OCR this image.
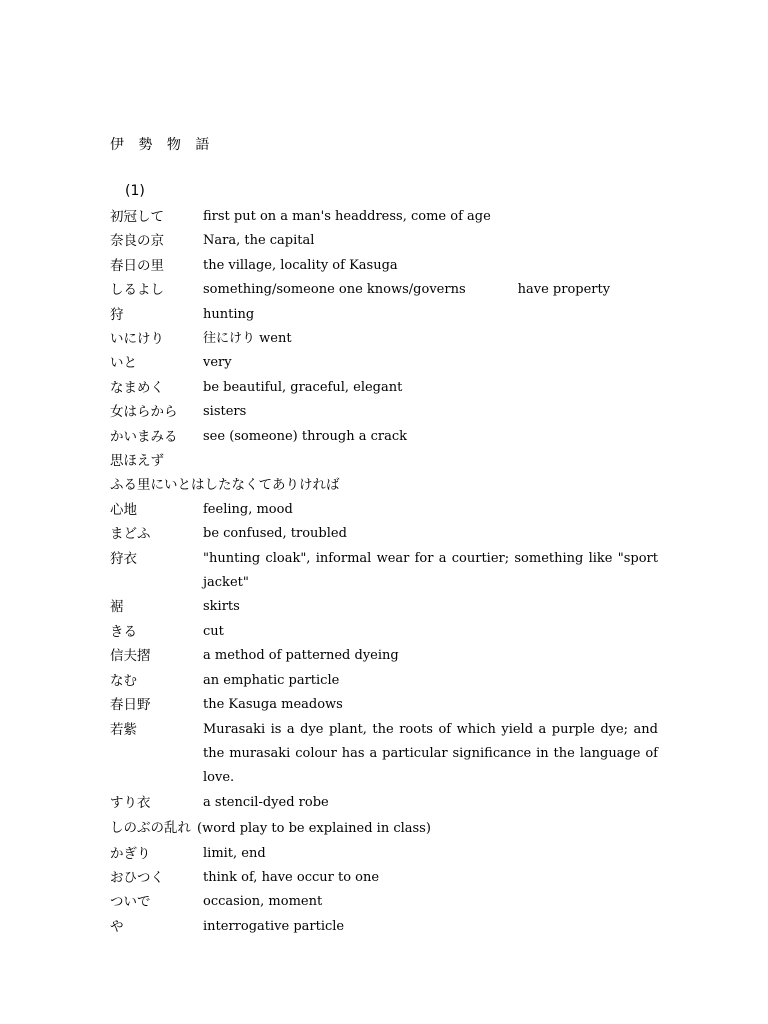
伊 勢 物 語
(1)
初冠して	first put on a man's headdress, come of age
奈良の京	Nara, the capital
春日の里	the village, locality of Kasuga
しるよし	something/someone one knows/governs	have property
狩	hunting
いにけり	往にけり went
いと	very
なまめく	be beautiful, graceful, elegant
女はらから sisters
かいまみる see (someone) through a crack
思ほえず
ふる里にいとはしたなくてありければ
心地	feeling, mood
まどふ	be confused, troubled
狩衣	"hunting cloak", informal wear for a courtier; something like "sport jacket"
裾	skirts
きる	cut
信夫摺	a method of patterned dyeing
なむ	an emphatic particle
春日野	the Kasuga meadows
若紫	Murasaki is a dye plant, the roots of which yield a purple dye; and the murasaki colour has a particular significance in the language of love.
すり衣	a stencil-dyed robe
しのぶの乱れ (word play to be explained in class)
かぎり	limit, end
おひつく	think of, have occur to one
ついで	occasion, moment
や	interrogative particle
